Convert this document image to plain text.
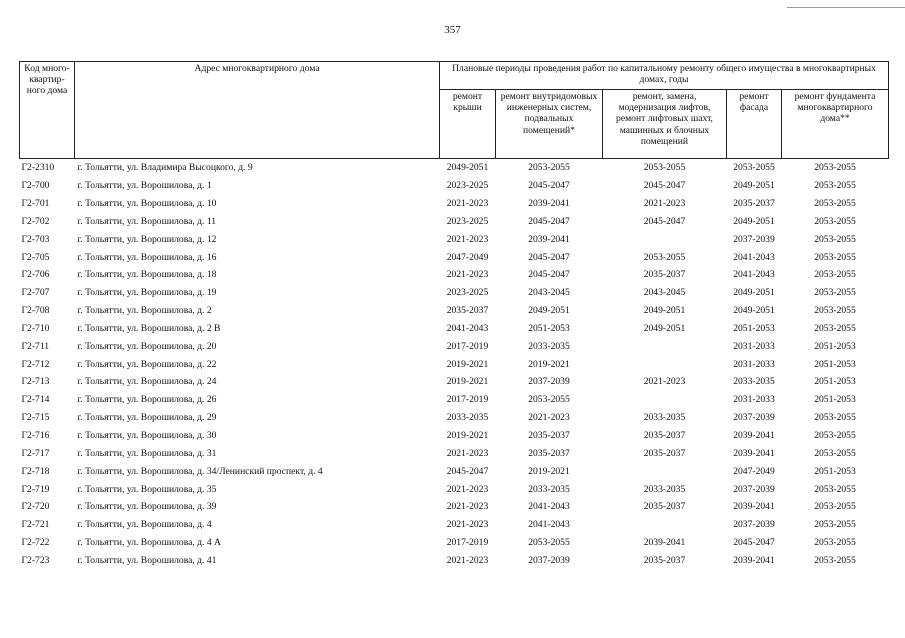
357
Код много-квартир-ного дома	Адрес многоквартирного дома	Плановые периоды проведения работ по капитальному ремонту общего имущества в многоквартирных домах, годы				
		ремонт крыши	ремонт внутридомовых инженерных систем, подвальных помещений*	ремонт, замена, модернизация лифтов, ремонт лифтовых шахт, машинных и блочных помещений	ремонт фасада	ремонт фундамента многоквартирного дома**
Г2-2310	г. Тольятти, ул. Владимира Высоцкого, д. 9	2049-2051	2053-2055	2053-2055	2053-2055	2053-2055
Г2-700	г. Тольятти, ул. Ворошилова, д. 1	2023-2025	2045-2047	2045-2047	2049-2051	2053-2055
Г2-701	г. Тольятти, ул. Ворошилова, д. 10	2021-2023	2039-2041	2021-2023	2035-2037	2053-2055
Г2-702	г. Тольятти, ул. Ворошилова, д. 11	2023-2025	2045-2047	2045-2047	2049-2051	2053-2055
Г2-703	г. Тольятти, ул. Ворошилова, д. 12	2021-2023	2039-2041		2037-2039	2053-2055
Г2-705	г. Тольятти, ул. Ворошилова, д. 16	2047-2049	2045-2047	2053-2055	2041-2043	2053-2055
Г2-706	г. Тольятти, ул. Ворошилова, д. 18	2021-2023	2045-2047	2035-2037	2041-2043	2053-2055
Г2-707	г. Тольятти, ул. Ворошилова, д. 19	2023-2025	2043-2045	2043-2045	2049-2051	2053-2055
Г2-708	г. Тольятти, ул. Ворошилова, д. 2	2035-2037	2049-2051	2049-2051	2049-2051	2053-2055
Г2-710	г. Тольятти, ул. Ворошилова, д. 2 В	2041-2043	2051-2053	2049-2051	2051-2053	2053-2055
Г2-711	г. Тольятти, ул. Ворошилова, д. 20	2017-2019	2033-2035		2031-2033	2051-2053
Г2-712	г. Тольятти, ул. Ворошилова, д. 22	2019-2021	2019-2021		2031-2033	2051-2053
Г2-713	г. Тольятти, ул. Ворошилова, д. 24	2019-2021	2037-2039	2021-2023	2033-2035	2051-2053
Г2-714	г. Тольятти, ул. Ворошилова, д. 26	2017-2019	2053-2055		2031-2033	2051-2053
Г2-715	г. Тольятти, ул. Ворошилова, д. 29	2033-2035	2021-2023	2033-2035	2037-2039	2053-2055
Г2-716	г. Тольятти, ул. Ворошилова, д. 30	2019-2021	2035-2037	2035-2037	2039-2041	2053-2055
Г2-717	г. Тольятти, ул. Ворошилова, д. 31	2021-2023	2035-2037	2035-2037	2039-2041	2053-2055
Г2-718	г. Тольятти, ул. Ворошилова, д. 34/Ленинский проспект, д. 4	2045-2047	2019-2021		2047-2049	2051-2053
Г2-719	г. Тольятти, ул. Ворошилова, д. 35	2021-2023	2033-2035	2033-2035	2037-2039	2053-2055
Г2-720	г. Тольятти, ул. Ворошилова, д. 39	2021-2023	2041-2043	2035-2037	2039-2041	2053-2055
Г2-721	г. Тольятти, ул. Ворошилова, д. 4	2021-2023	2041-2043		2037-2039	2053-2055
Г2-722	г. Тольятти, ул. Ворошилова, д. 4 А	2017-2019	2053-2055	2039-2041	2045-2047	2053-2055
Г2-723	г. Тольятти, ул. Ворошилова, д. 41	2021-2023	2037-2039	2035-2037	2039-2041	2053-2055
